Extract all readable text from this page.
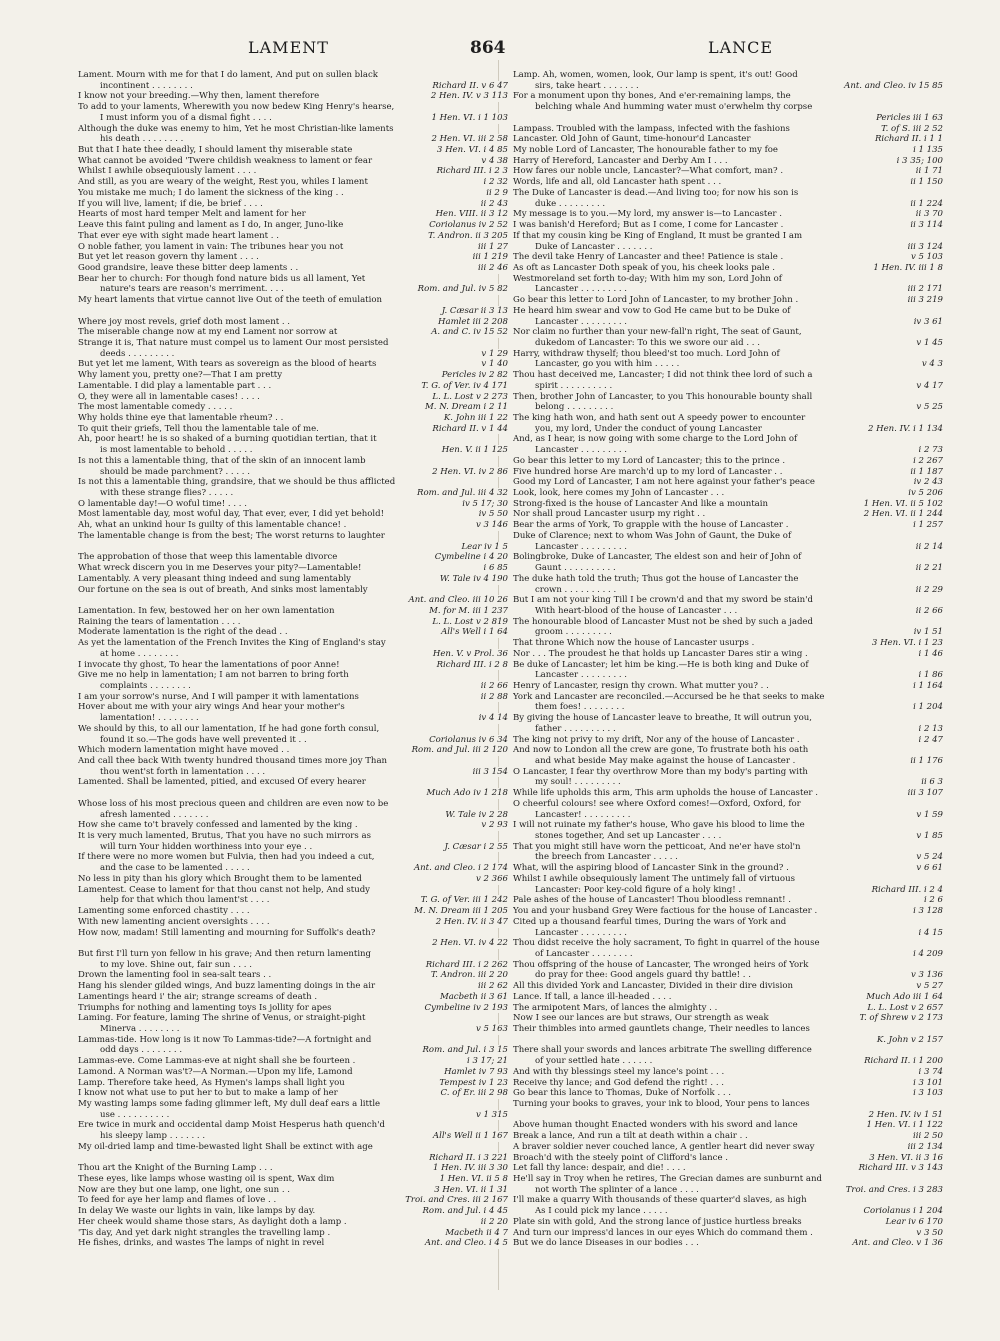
LAMENT	864	LANCE
Lament. Mourn with me for that I do lament, And put on sullen black
incontinent . . . . . . . .	Richard II. v 6 47
I know not your breeding.—Why then, lament therefore	2 Hen. IV. v 3 113
To add to your laments, Wherewith you now bedew King Henry's hearse,
I must inform you of a dismal fight . . . .	1 Hen. VI. i 1 103
Although the duke was enemy to him, Yet he most Christian-like laments
his death . . . . . . . .	2 Hen. VI. iii 2 58
But that I hate thee deadly, I should lament thy miserable state	3 Hen. VI. i 4 85
What cannot be avoided 'Twere childish weakness to lament or fear	v 4 38
Whilst I awhile obsequiously lament . . . .	Richard III. i 2 3
And still, as you are weary of the weight, Rest you, whiles I lament	i 2 32
You mistake me much; I do lament the sickness of the king . .	ii 2 9
If you will live, lament; if die, be brief . . . .	ii 2 43
Hearts of most hard temper Melt and lament for her	Hen. VIII. ii 3 12
Leave this faint puling and lament as I do, In anger, Juno-like	Coriolanus iv 2 52
That ever eye with sight made heart lament . .	T. Andron. ii 3 205
O noble father, you lament in vain: The tribunes hear you not	iii 1 27
But yet let reason govern thy lament . . . .	iii 1 219
Good grandsire, leave these bitter deep laments . .	iii 2 46
Bear her to church: For though fond nature bids us all lament, Yet
nature's tears are reason's merriment. . . .	Rom. and Jul. iv 5 82
My heart laments that virtue cannot live Out of the teeth of emulation
J. Cæsar ii 3 13
Where joy most revels, grief doth most lament . .	Hamlet iii 2 208
The miserable change now at my end Lament nor sorrow at	A. and C. iv 15 52
Strange it is, That nature must compel us to lament Our most persisted
deeds . . . . . . . . .	v 1 29
But yet let me lament, With tears as sovereign as the blood of hearts	v 1 40
Why lament you, pretty one?—That I am pretty	Pericles iv 2 82
Lamentable. I did play a lamentable part . . .	T. G. of Ver. iv 4 171
O, they were all in lamentable cases! . . . .	L. L. Lost v 2 273
The most lamentable comedy . . . . .	M. N. Dream i 2 11
Why holds thine eye that lamentable rheum? . .	K. John iii 1 22
To quit their griefs, Tell thou the lamentable tale of me.	Richard II. v 1 44
Ah, poor heart! he is so shaked of a burning quotidian tertian, that it
is most lamentable to behold . . . . .	Hen. V. ii 1 125
Is not this a lamentable thing, that of the skin of an innocent lamb
should be made parchment? . . . . .	2 Hen. VI. iv 2 86
Is not this a lamentable thing, grandsire, that we should be thus afflicted
with these strange flies? . . . . .	Rom. and Jul. iii 4 32
O lamentable day!—O woful time! . . . .	iv 5 17; 30
Most lamentable day, most woful day, That ever, ever, I did yet behold!	iv 5 50
Ah, what an unkind hour Is guilty of this lamentable chance! .	v 3 146
The lamentable change is from the best; The worst returns to laughter
Lear iv 1 5
The approbation of those that weep this lamentable divorce	Cymbeline i 4 20
What wreck discern you in me Deserves your pity?—Lamentable!	i 6 85
Lamentably. A very pleasant thing indeed and sung lamentably	W. Tale iv 4 190
Our fortune on the sea is out of breath, And sinks most lamentably
Ant. and Cleo. iii 10 26
Lamentation. In few, bestowed her on her own lamentation	M. for M. iii 1 237
Raining the tears of lamentation . . . .	L. L. Lost v 2 819
Moderate lamentation is the right of the dead . .	All's Well i 1 64
As yet the lamentation of the French Invites the King of England's stay
at home . . . . . . . .	Hen. V. v Prol. 36
I invocate thy ghost, To hear the lamentations of poor Anne!	Richard III. i 2 8
Give me no help in lamentation; I am not barren to bring forth
complaints . . . . . . . .	ii 2 66
I am your sorrow's nurse, And I will pamper it with lamentations	ii 2 88
Hover about me with your airy wings And hear your mother's
lamentation! . . . . . . . .	iv 4 14
We should by this, to all our lamentation, If he had gone forth consul,
found it so.—The gods have well prevented it . .	Coriolanus iv 6 34
Which modern lamentation might have moved . .	Rom. and Jul. iii 2 120
And call thee back With twenty hundred thousand times more joy Than
thou went'st forth in lamentation . . . .	iii 3 154
Lamented. Shall be lamented, pitied, and excused Of every hearer
Much Ado iv 1 218
Whose loss of his most precious queen and children are even now to be
afresh lamented . . . . . . .	W. Tale iv 2 28
How she came to't bravely confessed and lamented by the king .	v 2 93
It is very much lamented, Brutus, That you have no such mirrors as
will turn Your hidden worthiness into your eye . .	J. Cæsar i 2 55
If there were no more women but Fulvia, then had you indeed a cut,
and the case to be lamented . . . . .	Ant. and Cleo. i 2 174
No less in pity than his glory which Brought them to be lamented	v 2 366
Lamentest. Cease to lament for that thou canst not help, And study
help for that which thou lament'st . . . .	T. G. of Ver. iii 1 242
Lamenting some enforced chastity . . . .	M. N. Dream iii 1 205
With new lamenting ancient oversights . . . .	2 Hen. IV. ii 3 47
How now, madam! Still lamenting and mourning for Suffolk's death?
2 Hen. VI. iv 4 22
But first I'll turn yon fellow in his grave; And then return lamenting
to my love. Shine out, fair sun . . . .	Richard III. i 2 262
Drown the lamenting fool in sea-salt tears . .	T. Andron. iii 2 20
Hang his slender gilded wings, And buzz lamenting doings in the air	iii 2 62
Lamentings heard i' the air; strange screams of death .	Macbeth ii 3 61
Triumphs for nothing and lamenting toys Is jollity for apes	Cymbeline iv 2 193
Laming. For feature, laming The shrine of Venus, or straight-pight
Minerva . . . . . . . .	v 5 163
Lammas-tide. How long is it now To Lammas-tide?—A fortnight and
odd days . . . . . . . .	Rom. and Jul. i 3 15
Lammas-eve. Come Lammas-eve at night shall she be fourteen .	i 3 17; 21
Lamond. A Norman was't?—A Norman.—Upon my life, Lamond	Hamlet iv 7 93
Lamp. Therefore take heed, As Hymen's lamps shall light you	Tempest iv 1 23
I know not what use to put her to but to make a lamp of her	C. of Er. iii 2 98
My wasting lamps some fading glimmer left, My dull deaf ears a little
use . . . . . . . . . .	v 1 315
Ere twice in murk and occidental damp Moist Hesperus hath quench'd
his sleepy lamp . . . . . . .	All's Well ii 1 167
My oil-dried lamp and time-bewasted light Shall be extinct with age
Richard II. i 3 221
Thou art the Knight of the Burning Lamp . . .	1 Hen. IV. iii 3 30
These eyes, like lamps whose wasting oil is spent, Wax dim	1 Hen. VI. ii 5 8
Now are they but one lamp, one light, one sun . .	3 Hen. VI. ii 1 31
To feed for aye her lamp and flames of love . .	Troi. and Cres. iii 2 167
In delay We waste our lights in vain, like lamps by day.	Rom. and Jul. i 4 45
Her cheek would shame those stars, As daylight doth a lamp .	ii 2 20
'Tis day, And yet dark night strangles the travelling lamp .	Macbeth ii 4 7
He fishes, drinks, and wastes The lamps of night in revel	Ant. and Cleo. i 4 5
Lamp. Ah, women, women, look, Our lamp is spent, it's out! Good
sirs, take heart . . . . . . .	Ant. and Cleo. iv 15 85
For a monument upon thy bones, And e'er-remaining lamps, the
belching whale And humming water must o'erwhelm thy corpse
Pericles iii 1 63
Lampass. Troubled with the lampass, infected with the fashions	T. of S. iii 2 52
Lancaster. Old John of Gaunt, time-honour'd Lancaster	Richard II. i 1 1
My noble Lord of Lancaster, The honourable father to my foe	i 1 135
Harry of Hereford, Lancaster and Derby Am I . . .	i 3 35; 100
How fares our noble uncle, Lancaster?—What comfort, man? .	ii 1 71
Words, life and all, old Lancaster hath spent . . .	ii 1 150
The Duke of Lancaster is dead.—And living too; for now his son is
duke . . . . . . . . .	ii 1 224
My message is to you.—My lord, my answer is—to Lancaster .	ii 3 70
I was banish'd Hereford; But as I come, I come for Lancaster .	ii 3 114
If that my cousin king be King of England, It must be granted I am
Duke of Lancaster . . . . . . .	iii 3 124
The devil take Henry of Lancaster and thee! Patience is stale .	v 5 103
As oft as Lancaster Doth speak of you, his cheek looks pale .	1 Hen. IV. iii 1 8
Westmoreland set forth to-day; With him my son, Lord John of
Lancaster . . . . . . . . .	iii 2 171
Go bear this letter to Lord John of Lancaster, to my brother John .	iii 3 219
He heard him swear and vow to God He came but to be Duke of
Lancaster . . . . . . . . .	iv 3 61
Nor claim no further than your new-fall'n right, The seat of Gaunt,
dukedom of Lancaster: To this we swore our aid . . .	v 1 45
Harry, withdraw thyself; thou bleed'st too much. Lord John of
Lancaster, go you with him . . . . .	v 4 3
Thou hast deceived me, Lancaster; I did not think thee lord of such a
spirit . . . . . . . . . .	v 4 17
Then, brother John of Lancaster, to you This honourable bounty shall
belong . . . . . . . . .	v 5 25
The king hath won, and hath sent out A speedy power to encounter
you, my lord, Under the conduct of young Lancaster	2 Hen. IV. i 1 134
And, as I hear, is now going with some charge to the Lord John of
Lancaster . . . . . . . . .	i 2 73
Go bear this letter to my Lord of Lancaster; this to the prince .	i 2 267
Five hundred horse Are march'd up to my lord of Lancaster . .	ii 1 187
Good my Lord of Lancaster, I am not here against your father's peace	iv 2 43
Look, look, here comes my John of Lancaster . . .	iv 5 206
Strong-fixed is the house of Lancaster And like a mountain	1 Hen. VI. ii 5 102
Nor shall proud Lancaster usurp my right . .	2 Hen. VI. ii 1 244
Bear the arms of York, To grapple with the house of Lancaster .	i 1 257
Duke of Clarence; next to whom Was John of Gaunt, the Duke of
Lancaster . . . . . . . . .	ii 2 14
Bolingbroke, Duke of Lancaster, The eldest son and heir of John of
Gaunt . . . . . . . . . .	ii 2 21
The duke hath told the truth; Thus got the house of Lancaster the
crown . . . . . . . . . .	ii 2 29
But I am not your king Till I be crown'd and that my sword be stain'd
With heart-blood of the house of Lancaster . . .	ii 2 66
The honourable blood of Lancaster Must not be shed by such a jaded
groom . . . . . . . . .	iv 1 51
That throne Which now the house of Lancaster usurps .	3 Hen. VI. i 1 23
Nor . . . The proudest he that holds up Lancaster Dares stir a wing .	i 1 46
Be duke of Lancaster; let him be king.—He is both king and Duke of
Lancaster . . . . . . . . .	i 1 86
Henry of Lancaster, resign thy crown. What mutter you? . .	i 1 164
York and Lancaster are reconciled.—Accursed be he that seeks to make
them foes! . . . . . . . .	i 1 204
By giving the house of Lancaster leave to breathe, It will outrun you,
father . . . . . . . . . .	i 2 13
The king not privy to my drift, Nor any of the house of Lancaster .	i 2 47
And now to London all the crew are gone, To frustrate both his oath
and what beside May make against the house of Lancaster .	ii 1 176
O Lancaster, I fear thy overthrow More than my body's parting with
my soul! . . . . . . . . .	ii 6 3
While life upholds this arm, This arm upholds the house of Lancaster .	iii 3 107
O cheerful colours! see where Oxford comes!—Oxford, Oxford, for
Lancaster! . . . . . . . . .	v 1 59
I will not ruinate my father's house, Who gave his blood to lime the
stones together, And set up Lancaster . . . .	v 1 85
That you might still have worn the petticoat, And ne'er have stol'n
the breech from Lancaster . . . . .	v 5 24
What, will the aspiring blood of Lancaster Sink in the ground? .	v 6 61
Whilst I awhile obsequiously lament The untimely fall of virtuous
Lancaster: Poor key-cold figure of a holy king! .	Richard III. i 2 4
Pale ashes of the house of Lancaster! Thou bloodless remnant! .	i 2 6
You and your husband Grey Were factious for the house of Lancaster .	i 3 128
Cited up a thousand fearful times, During the wars of York and
Lancaster . . . . . . . . .	i 4 15
Thou didst receive the holy sacrament, To fight in quarrel of the house
of Lancaster . . . . . . . .	i 4 209
Thou offspring of the house of Lancaster, The wronged heirs of York
do pray for thee: Good angels guard thy battle! . .	v 3 136
All this divided York and Lancaster, Divided in their dire division	v 5 27
Lance. If tall, a lance ill-headed . . . .	Much Ado iii 1 64
The armipotent Mars, of lances the almighty . .	L. L. Lost v 2 657
Now I see our lances are but straws, Our strength as weak	T. of Shrew v 2 173
Their thimbles into armed gauntlets change, Their needles to lances
K. John v 2 157
There shall your swords and lances arbitrate The swelling difference
of your settled hate . . . . . .	Richard II. i 1 200
And with thy blessings steel my lance's point . . .	i 3 74
Receive thy lance; and God defend the right! . . .	i 3 101
Go bear this lance to Thomas, Duke of Norfolk . . .	i 3 103
Turning your books to graves, your ink to blood, Your pens to lances
2 Hen. IV. iv 1 51
Above human thought Enacted wonders with his sword and lance	1 Hen. VI. i 1 122
Break a lance, And run a tilt at death within a chair . .	iii 2 50
A braver soldier never couched lance, A gentler heart did never sway	iii 2 134
Broach'd with the steely point of Clifford's lance .	3 Hen. VI. ii 3 16
Let fall thy lance: despair, and die! . . . .	Richard III. v 3 143
He'll say in Troy when he retires, The Grecian dames are sunburnt and
not worth The splinter of a lance . . . .	Troi. and Cres. i 3 283
I'll make a quarry With thousands of these quarter'd slaves, as high
As I could pick my lance . . . . .	Coriolanus i 1 204
Plate sin with gold, And the strong lance of justice hurtless breaks	Lear iv 6 170
And turn our impress'd lances in our eyes Which do command them .	v 3 50
But we do lance Diseases in our bodies . . .	Ant. and Cleo. v 1 36
